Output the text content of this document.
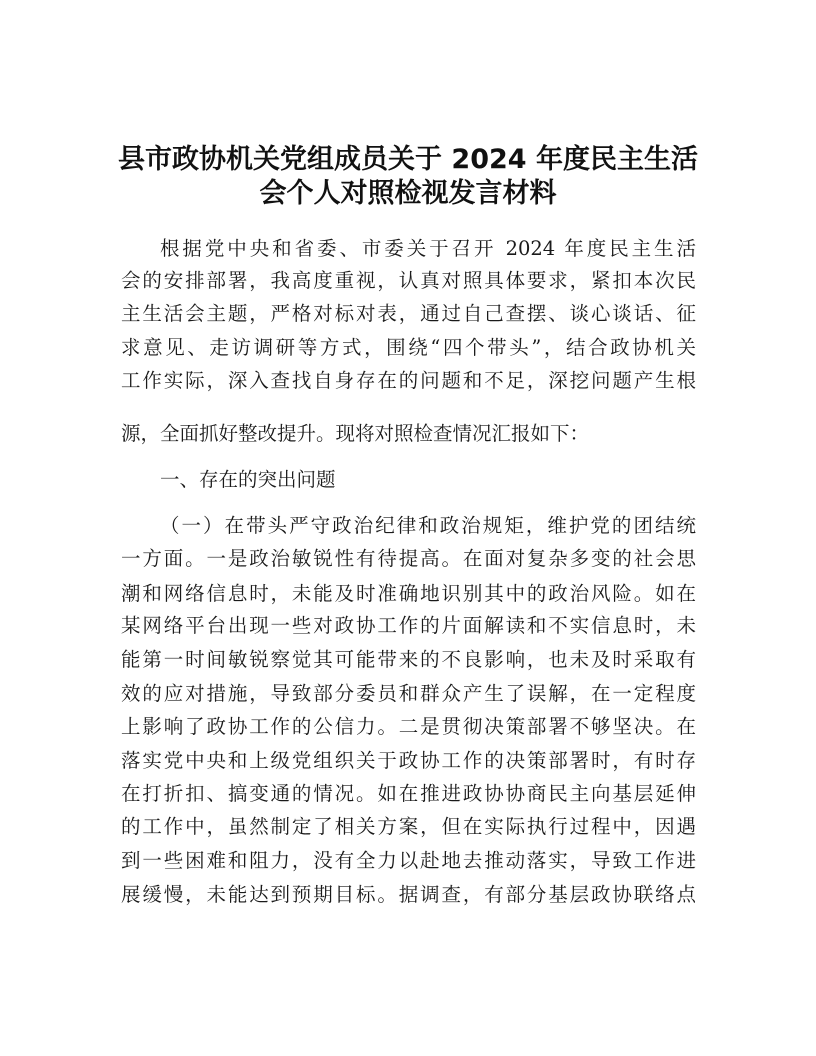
县市政协机关党组成员关于 2024 年度民主生活
会个人对照检视发言材料
根据党中央和省委、市委关于召开 2024 年度民主生活
会的安排部署，我高度重视，认真对照具体要求，紧扣本次民
主生活会主题，严格对标对表，通过自己查摆、谈心谈话、征
求意见、走访调研等方式，围绕“四个带头”，结合政协机关
工作实际，深入查找自身存在的问题和不足，深挖问题产生根
源，全面抓好整改提升。现将对照检查情况汇报如下：
一、存在的突出问题
（一）在带头严守政治纪律和政治规矩，维护党的团结统
一方面。一是政治敏锐性有待提高。在面对复杂多变的社会思
潮和网络信息时，未能及时准确地识别其中的政治风险。如在
某网络平台出现一些对政协工作的片面解读和不实信息时，未
能第一时间敏锐察觉其可能带来的不良影响，也未及时采取有
效的应对措施，导致部分委员和群众产生了误解，在一定程度
上影响了政协工作的公信力。二是贯彻决策部署不够坚决。在
落实党中央和上级党组织关于政协工作的决策部署时，有时存
在打折扣、搞变通的情况。如在推进政协协商民主向基层延伸
的工作中，虽然制定了相关方案，但在实际执行过程中，因遇
到一些困难和阻力，没有全力以赴地去推动落实，导致工作进
展缓慢，未能达到预期目标。据调查，有部分基层政协联络点
